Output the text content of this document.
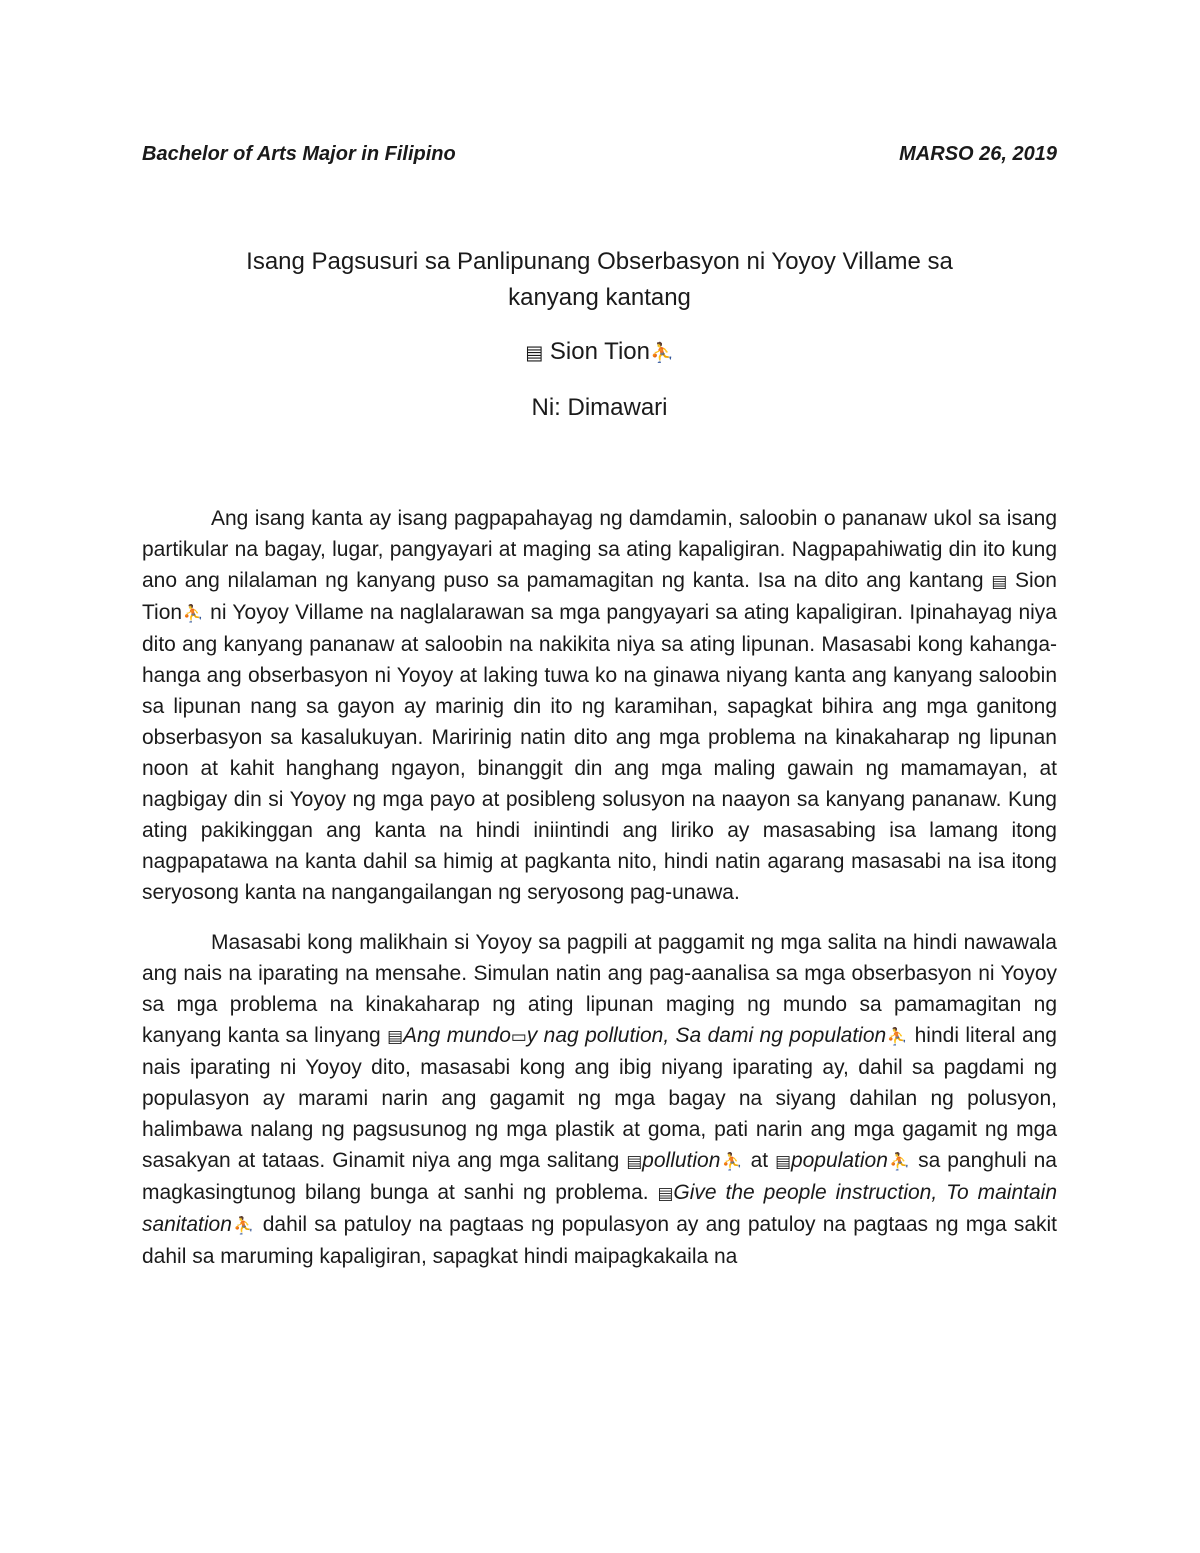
Bachelor of Arts Major in Filipino	MARSO 26, 2019
Isang Pagsusuri sa Panlipunang Obserbasyon ni Yoyoy Villame sa
kanyang kantang
▤ Sion Tion⛹
Ni: Dimawari

Ang isang kanta ay isang pagpapahayag ng damdamin, saloobin o pananaw ukol sa isang partikular na bagay, lugar, pangyayari at maging sa ating kapaligiran. Nagpapahiwatig din ito kung ano ang nilalaman ng kanyang puso sa pamamagitan ng kanta. Isa na dito ang kantang ▤ Sion Tion⛹ ni Yoyoy Villame na naglalarawan sa mga pangyayari sa ating kapaligiran. Ipinahayag niya dito ang kanyang pananaw at saloobin na nakikita niya sa ating lipunan. Masasabi kong kahanga-hanga ang obserbasyon ni Yoyoy at laking tuwa ko na ginawa niyang kanta ang kanyang saloobin sa lipunan nang sa gayon ay marinig din ito ng karamihan, sapagkat bihira ang mga ganitong obserbasyon sa kasalukuyan. Maririnig natin dito ang mga problema na kinakaharap ng lipunan noon at kahit hanghang ngayon, binanggit din ang mga maling gawain ng mamamayan, at nagbigay din si Yoyoy ng mga payo at posibleng solusyon na naayon sa kanyang pananaw. Kung ating pakikinggan ang kanta na hindi iniintindi ang liriko ay masasabing isa lamang itong nagpapatawa na kanta dahil sa himig at pagkanta nito, hindi natin agarang masasabi na isa itong seryosong kanta na nangangailangan ng seryosong pag-unawa.

Masasabi kong malikhain si Yoyoy sa pagpili at paggamit ng mga salita na hindi nawawala ang nais na iparating na mensahe. Simulan natin ang pag-aanalisa sa mga obserbasyon ni Yoyoy sa mga problema na kinakaharap ng ating lipunan maging ng mundo sa pamamagitan ng kanyang kanta sa linyang ▤Ang mundo▭y nag pollution, Sa dami ng population⛹ hindi literal ang nais iparating ni Yoyoy dito, masasabi kong ang ibig niyang iparating ay, dahil sa pagdami ng populasyon ay marami narin ang gagamit ng mga bagay na siyang dahilan ng polusyon, halimbawa nalang ng pagsusunog ng mga plastik at goma, pati narin ang mga gagamit ng mga sasakyan at tataas. Ginamit niya ang mga salitang ▤pollution⛹ at ▤population⛹ sa panghuli na magkasingtunog bilang bunga at sanhi ng problema. ▤Give the people instruction, To maintain sanitation⛹ dahil sa patuloy na pagtaas ng populasyon ay ang patuloy na pagtaas ng mga sakit dahil sa maruming kapaligiran, sapagkat hindi maipagkakaila na
